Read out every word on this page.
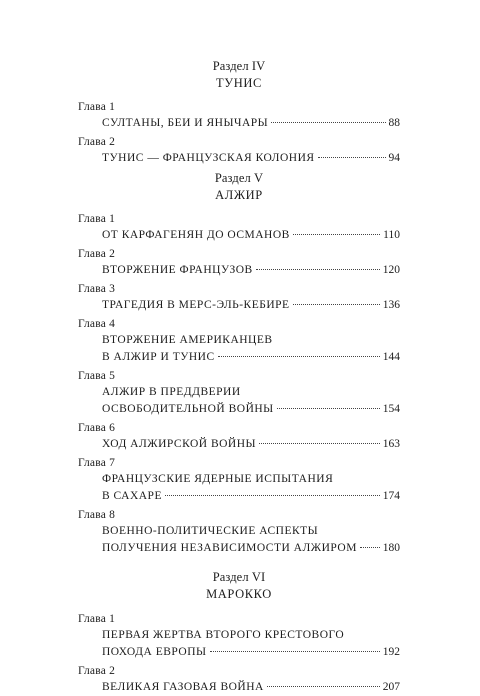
Раздел IV
ТУНИС
Глава 1
СУЛТАНЫ, БЕИ И ЯНЫЧАРЫ	88
Глава 2
ТУНИС — ФРАНЦУЗСКАЯ КОЛОНИЯ	94
Раздел V
АЛЖИР
Глава 1
ОТ КАРФАГЕНЯН ДО ОСМАНОВ	110
Глава 2
ВТОРЖЕНИЕ ФРАНЦУЗОВ	120
Глава 3
ТРАГЕДИЯ В МЕРС-ЭЛЬ-КЕБИРЕ	136
Глава 4
ВТОРЖЕНИЕ АМЕРИКАНЦЕВ
В АЛЖИР И ТУНИС	144
Глава 5
АЛЖИР В ПРЕДДВЕРИИ
ОСВОБОДИТЕЛЬНОЙ ВОЙНЫ	154
Глава 6
ХОД АЛЖИРСКОЙ ВОЙНЫ	163
Глава 7
ФРАНЦУЗСКИЕ ЯДЕРНЫЕ ИСПЫТАНИЯ
В САХАРЕ	174
Глава 8
ВОЕННО-ПОЛИТИЧЕСКИЕ АСПЕКТЫ
ПОЛУЧЕНИЯ НЕЗАВИСИМОСТИ АЛЖИРОМ 180
Раздел VI
МАРОККО
Глава 1
ПЕРВАЯ ЖЕРТВА ВТОРОГО КРЕСТОВОГО
ПОХОДА ЕВРОПЫ	192
Глава 2
ВЕЛИКАЯ ГАЗОВАЯ ВОЙНА	207
